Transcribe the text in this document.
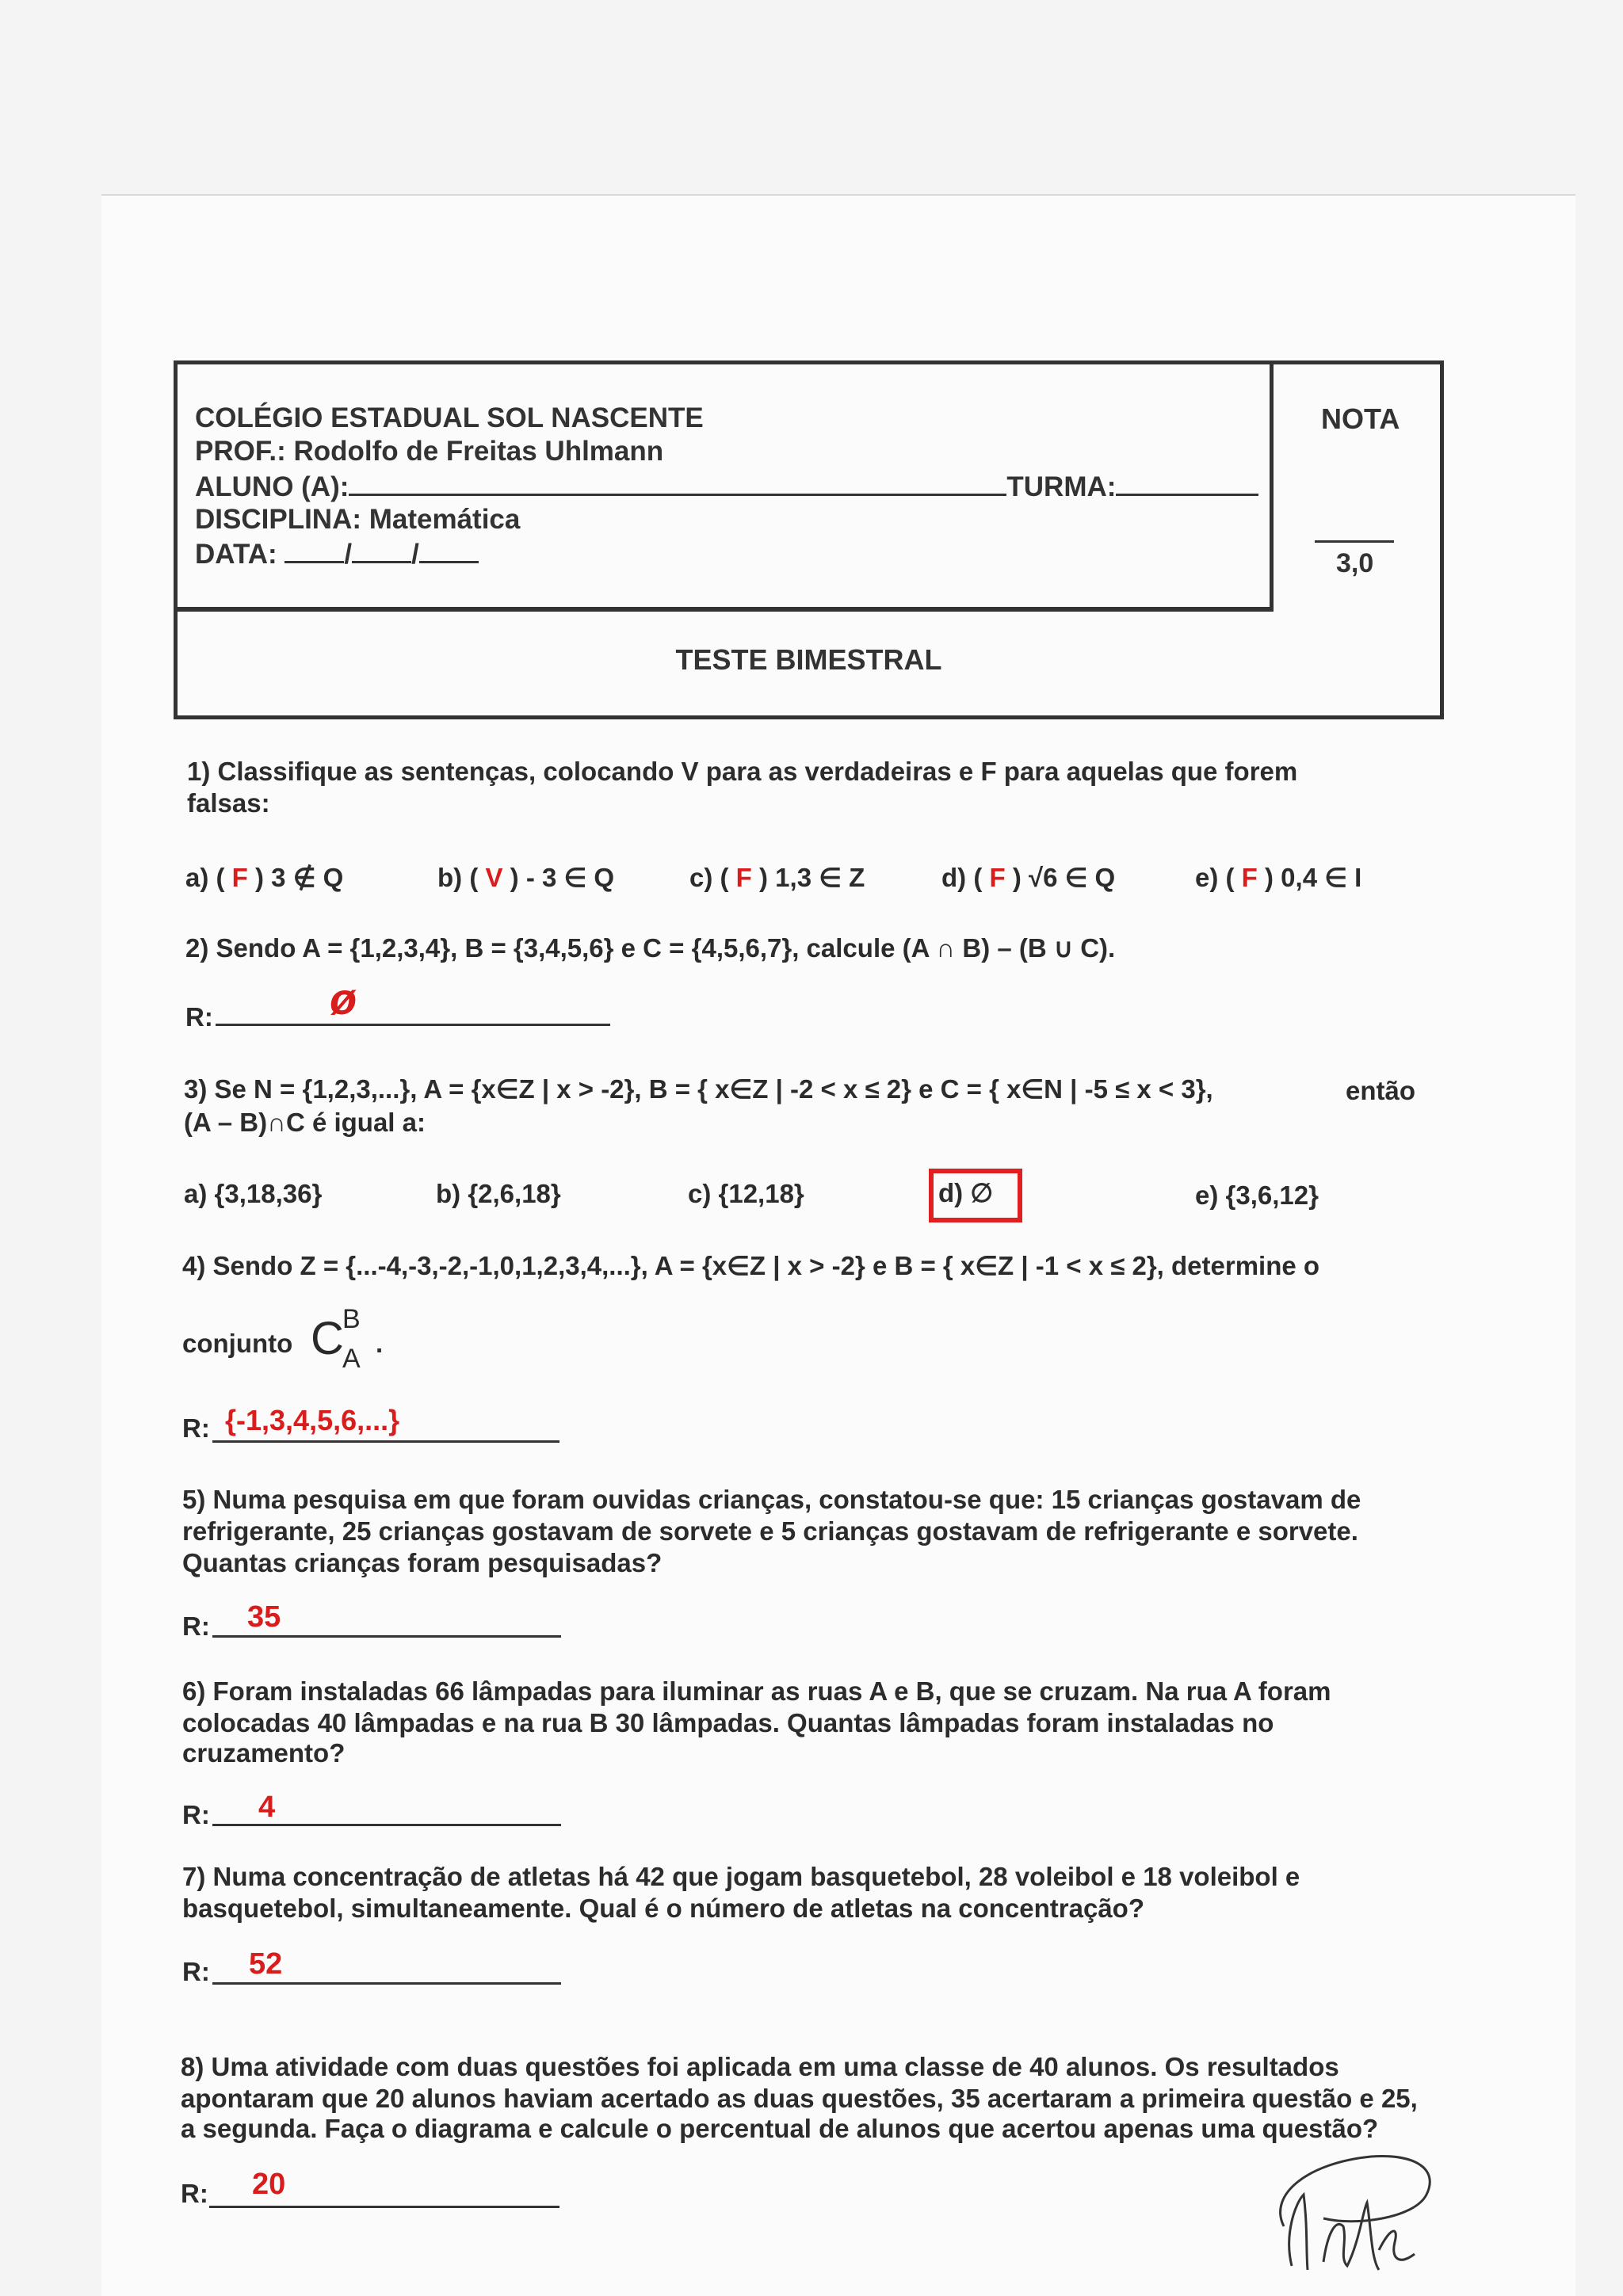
COLÉGIO ESTADUAL SOL NASCENTE
PROF.: Rodolfo de Freitas Uhlmann
ALUNO (A):	TURMA:
DISCIPLINA: Matemática
DATA: / /
NOTA
3,0
TESTE BIMESTRAL
1) Classifique as sentenças, colocando V para as verdadeiras e F para aquelas que forem
falsas:
a) ( F ) 3 ∉ Q	b) ( V ) - 3 ∈ Q	c) ( F ) 1,3 ∈ Z	d) ( F ) √6 ∈ Q	e) ( F ) 0,4 ∈ I
2) Sendo A = {1,2,3,4}, B = {3,4,5,6} e C = {4,5,6,7}, calcule (A ∩ B) – (B ∪ C).
R:	ø
3) Se N = {1,2,3,...}, A = {x∈Z | x > -2}, B = { x∈Z | -2 < x ≤ 2} e C = { x∈N | -5 ≤ x < 3},	então
(A – B)∩C é igual a:
a) {3,18,36}	b) {2,6,18}	c) {12,18}	d) ∅	e) {3,6,12}
4) Sendo Z = {...-4,-3,-2,-1,0,1,2,3,4,...}, A = {x∈Z | x > -2} e B = { x∈Z | -1 < x ≤ 2}, determine o
conjunto C
B
A
.
R: {-1,3,4,5,6,...}
5) Numa pesquisa em que foram ouvidas crianças, constatou-se que: 15 crianças gostavam de
refrigerante, 25 crianças gostavam de sorvete e 5 crianças gostavam de refrigerante e sorvete.
Quantas crianças foram pesquisadas?
R: 35
6) Foram instaladas 66 lâmpadas para iluminar as ruas A e B, que se cruzam. Na rua A foram
colocadas 40 lâmpadas e na rua B 30 lâmpadas. Quantas lâmpadas foram instaladas no
cruzamento?
R: 4
7) Numa concentração de atletas há 42 que jogam basquetebol, 28 voleibol e 18 voleibol e
basquetebol, simultaneamente. Qual é o número de atletas na concentração?
R: 52
8) Uma atividade com duas questões foi aplicada em uma classe de 40 alunos. Os resultados
apontaram que 20 alunos haviam acertado as duas questões, 35 acertaram a primeira questão e 25,
a segunda. Faça o diagrama e calcule o percentual de alunos que acertou apenas uma questão?
R: 20
